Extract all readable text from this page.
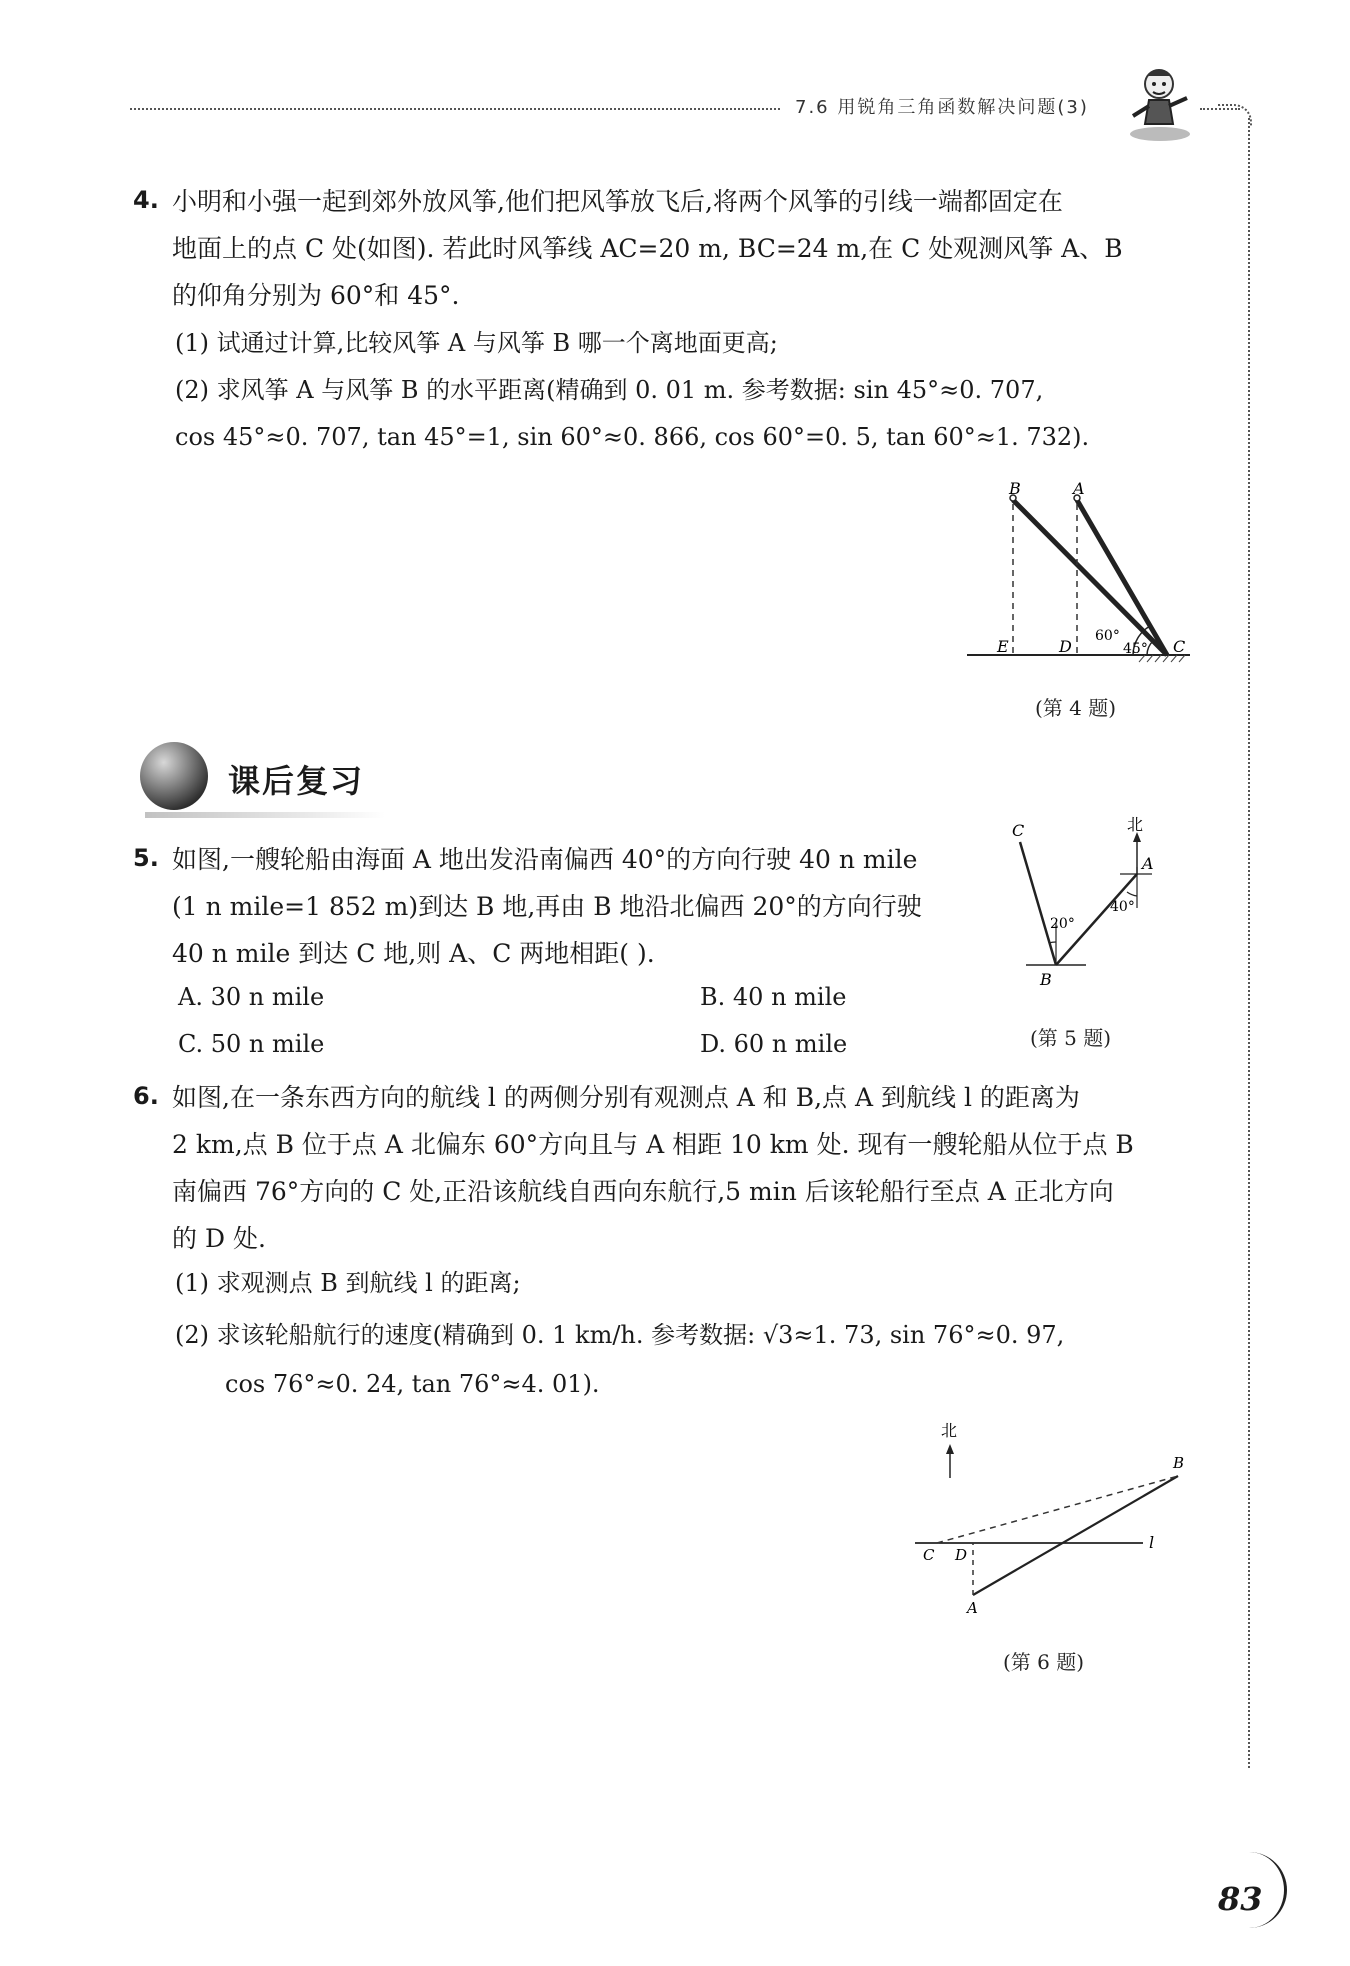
7.6 用锐角三角函数解决问题(3)
4. 小明和小强一起到郊外放风筝,他们把风筝放飞后,将两个风筝的引线一端都固定在
地面上的点 C 处(如图). 若此时风筝线 AC=20 m, BC=24 m,在 C 处观测风筝 A、B
的仰角分别为 60°和 45°.
(1) 试通过计算,比较风筝 A 与风筝 B 哪一个离地面更高;
(2) 求风筝 A 与风筝 B 的水平距离(精确到 0. 01 m. 参考数据: sin 45°≈0. 707,
cos 45°≈0. 707, tan 45°=1, sin 60°≈0. 866, cos 60°=0. 5, tan 60°≈1. 732).
B	A
C
D
E
60°
45°
(第 4 题)
课后复习
5. 如图,一艘轮船由海面 A 地出发沿南偏西 40°的方向行驶 40 n mile
(1 n mile=1 852 m)到达 B 地,再由 B 地沿北偏西 20°的方向行驶
40 n mile 到达 C 地,则 A、C 两地相距( ).
A. 30 n mile	B. 40 n mile
C. 50 n mile	D. 60 n mile
北
C
A
B
20°
40°
(第 5 题)
6. 如图,在一条东西方向的航线 l 的两侧分别有观测点 A 和 B,点 A 到航线 l 的距离为
2 km,点 B 位于点 A 北偏东 60°方向且与 A 相距 10 km 处. 现有一艘轮船从位于点 B
南偏西 76°方向的 C 处,正沿该航线自西向东航行,5 min 后该轮船行至点 A 正北方向
的 D 处.
(1) 求观测点 B 到航线 l 的距离;
(2) 求该轮船航行的速度(精确到 0. 1 km/h. 参考数据: √3≈1. 73, sin 76°≈0. 97,
cos 76°≈0. 24, tan 76°≈4. 01).
北
B
C D
A
l
(第 6 题)
83
